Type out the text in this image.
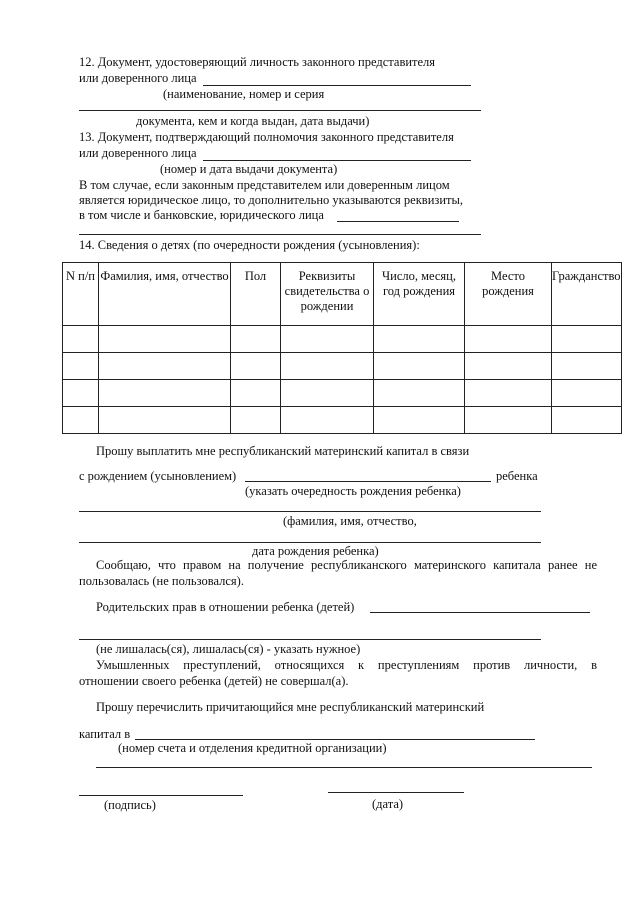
12. Документ, удостоверяющий личность законного представителя
или доверенного лица
(наименование, номер и серия
документа, кем и когда выдан, дата выдачи)
13. Документ, подтверждающий полномочия законного представителя
или доверенного лица
(номер и дата выдачи документа)
В том случае, если законным представителем или доверенным лицом
является юридическое лицо, то дополнительно указываются реквизиты,
в том числе и банковские, юридического лица
14. Сведения о детях (по очередности рождения (усыновления):
N п/п	Фамилия, имя, отчество	Пол	Реквизиты свидетельства о рождении	Число, месяц, год рождения	Место рождения	Гражданство

Прошу выплатить мне республиканский материнский капитал в связи
с рождением (усыновлением)	ребенка
(указать очередность рождения ребенка)
(фамилия, имя, отчество,
дата рождения ребенка)
Сообщаю, что правом на получение республиканского материнского капитала ранее не
пользовалась (не пользовался).
Родительских прав в отношении ребенка (детей)
(не лишалась(ся), лишалась(ся) - указать нужное)
Умышленных преступлений, относящихся к преступлениям против личности, в
отношении своего ребенка (детей) не совершал(а).
Прошу перечислить причитающийся мне республиканский материнский
капитал в
(номер счета и отделения кредитной организации)
(подпись)	(дата)
